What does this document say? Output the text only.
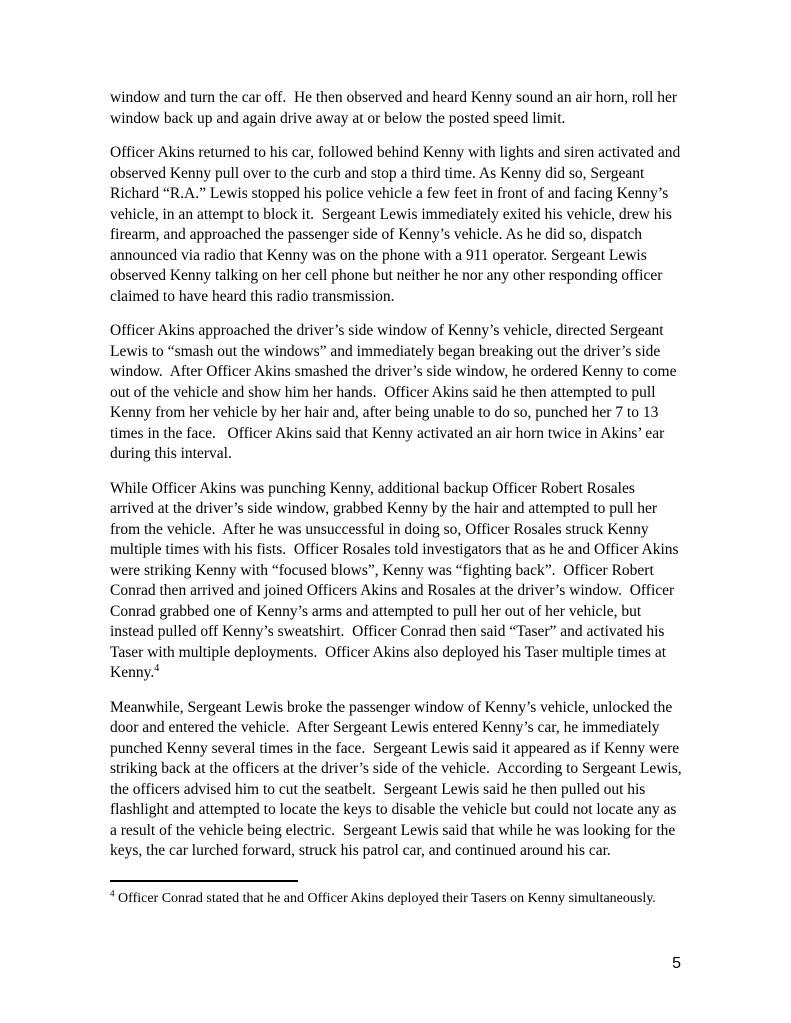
window and turn the car off.  He then observed and heard Kenny sound an air horn, roll her window back up and again drive away at or below the posted speed limit.

Officer Akins returned to his car, followed behind Kenny with lights and siren activated and observed Kenny pull over to the curb and stop a third time. As Kenny did so, Sergeant Richard “R.A.” Lewis stopped his police vehicle a few feet in front of and facing Kenny’s vehicle, in an attempt to block it.  Sergeant Lewis immediately exited his vehicle, drew his firearm, and approached the passenger side of Kenny’s vehicle. As he did so, dispatch announced via radio that Kenny was on the phone with a 911 operator. Sergeant Lewis observed Kenny talking on her cell phone but neither he nor any other responding officer claimed to have heard this radio transmission.

Officer Akins approached the driver’s side window of Kenny’s vehicle, directed Sergeant Lewis to “smash out the windows” and immediately began breaking out the driver’s side window.  After Officer Akins smashed the driver’s side window, he ordered Kenny to come out of the vehicle and show him her hands.  Officer Akins said he then attempted to pull Kenny from her vehicle by her hair and, after being unable to do so, punched her 7 to 13 times in the face.   Officer Akins said that Kenny activated an air horn twice in Akins’ ear during this interval.

While Officer Akins was punching Kenny, additional backup Officer Robert Rosales arrived at the driver’s side window, grabbed Kenny by the hair and attempted to pull her from the vehicle.  After he was unsuccessful in doing so, Officer Rosales struck Kenny multiple times with his fists.  Officer Rosales told investigators that as he and Officer Akins were striking Kenny with “focused blows”, Kenny was “fighting back”.  Officer Robert Conrad then arrived and joined Officers Akins and Rosales at the driver’s window.  Officer Conrad grabbed one of Kenny’s arms and attempted to pull her out of her vehicle, but instead pulled off Kenny’s sweatshirt.  Officer Conrad then said “Taser” and activated his Taser with multiple deployments.  Officer Akins also deployed his Taser multiple times at Kenny.$^4$

Meanwhile, Sergeant Lewis broke the passenger window of Kenny’s vehicle, unlocked the door and entered the vehicle.  After Sergeant Lewis entered Kenny’s car, he immediately punched Kenny several times in the face.  Sergeant Lewis said it appeared as if Kenny were striking back at the officers at the driver’s side of the vehicle.  According to Sergeant Lewis, the officers advised him to cut the seatbelt.  Sergeant Lewis said he then pulled out his flashlight and attempted to locate the keys to disable the vehicle but could not locate any as a result of the vehicle being electric.  Sergeant Lewis said that while he was looking for the keys, the car lurched forward, struck his patrol car, and continued around his car.

$^4$ Officer Conrad stated that he and Officer Akins deployed their Tasers on Kenny simultaneously.

5
